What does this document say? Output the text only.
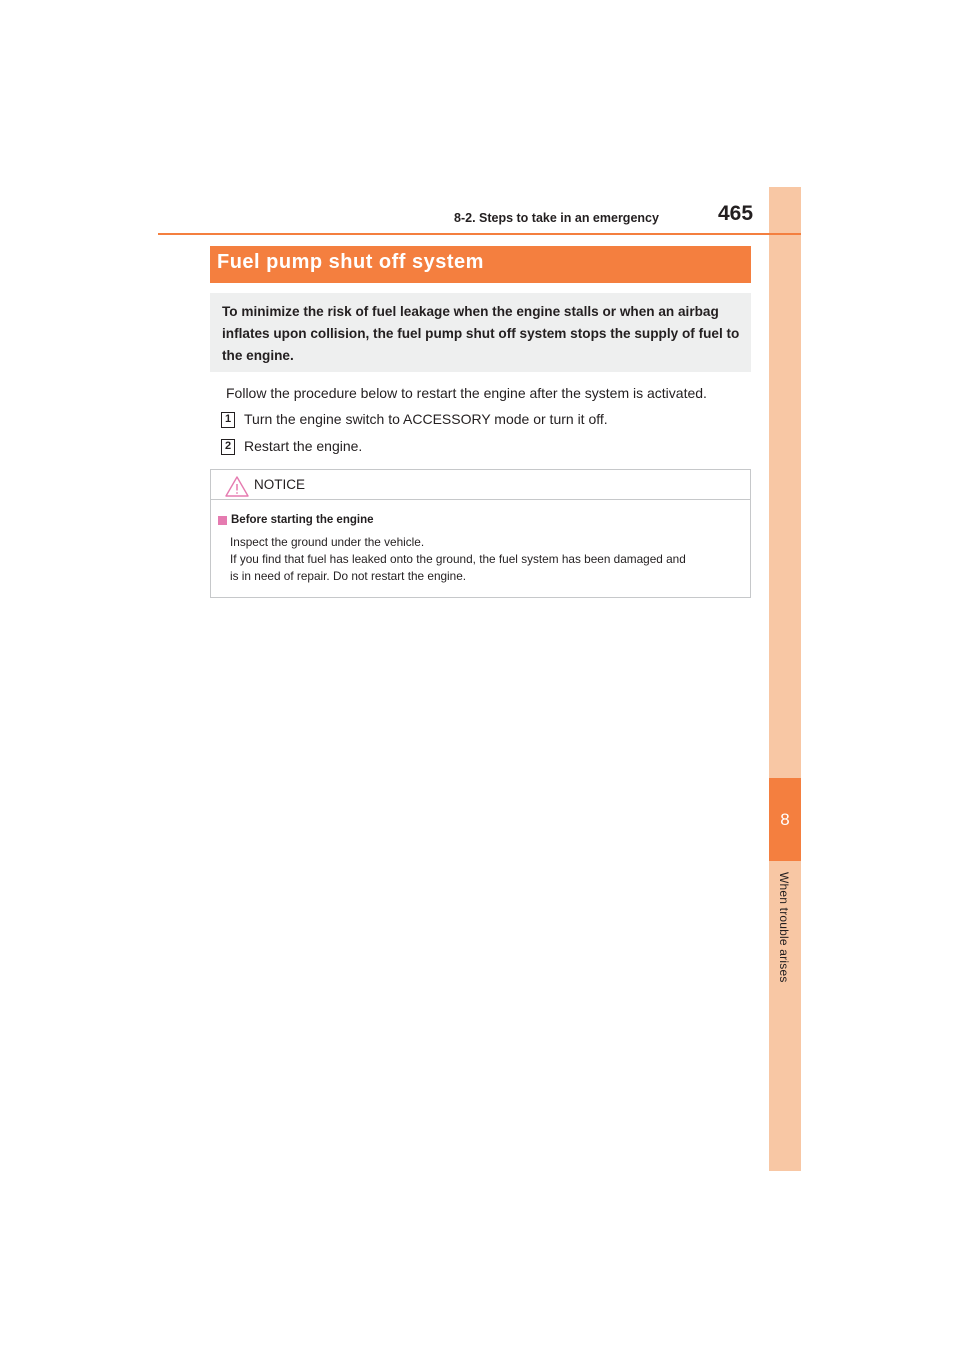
8
When trouble arises
8-2. Steps to take in an emergency	465
Fuel pump shut off system
To minimize the risk of fuel leakage when the engine stalls or when an airbag
inflates upon collision, the fuel pump shut off system stops the supply of fuel to
the engine.
Follow the procedure below to restart the engine after the system is activated.
1 Turn the engine switch to ACCESSORY mode or turn it off.
2 Restart the engine.
NOTICE
Before starting the engine
Inspect the ground under the vehicle.
If you find that fuel has leaked onto the ground, the fuel system has been damaged and
is in need of repair. Do not restart the engine.
